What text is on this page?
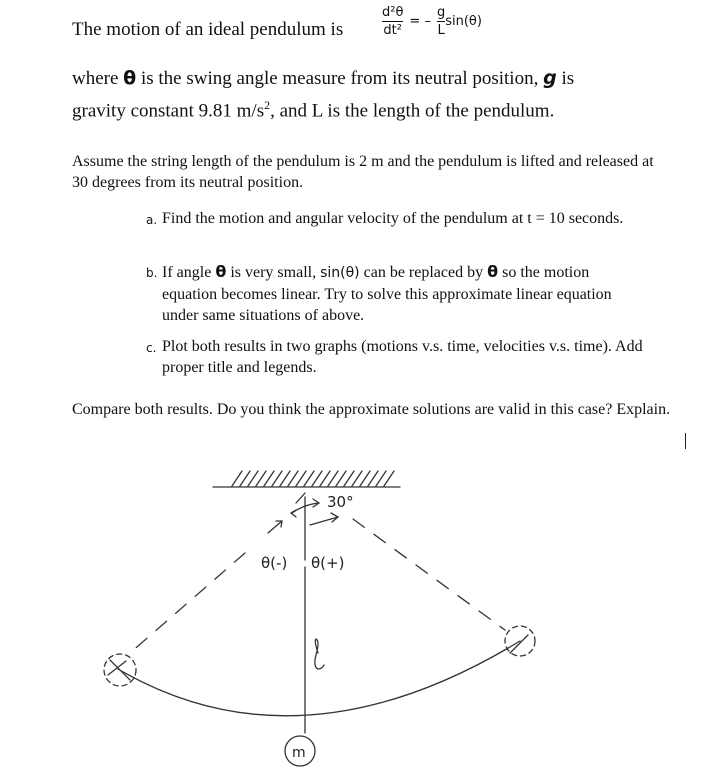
The motion of an ideal pendulum is	$\frac{\text{d²θ}}{\text{dt²}}$ = – $\frac{g}{L} \sin(\theta)$
where θ is the swing angle measure from its neutral position, g is
gravity constant 9.81 $m/s^2$, and L is the length of the pendulum.
Assume the string length of the pendulum is 2 m and the pendulum is lifted and released at 30 degrees from its neutral position.
a. Find the motion and angular velocity of the pendulum at t = 10 seconds.
b. If angle θ is very small, sin(θ) can be replaced by θ so the motion equation becomes linear. Try to solve this approximate linear equation under same situations of above.
c. Plot both results in two graphs (motions v.s. time, velocities v.s. time). Add proper title and legends.
Compare both results. Do you think the approximate solutions are valid in this case? Explain.
30°
θ(-) θ(+)
m
